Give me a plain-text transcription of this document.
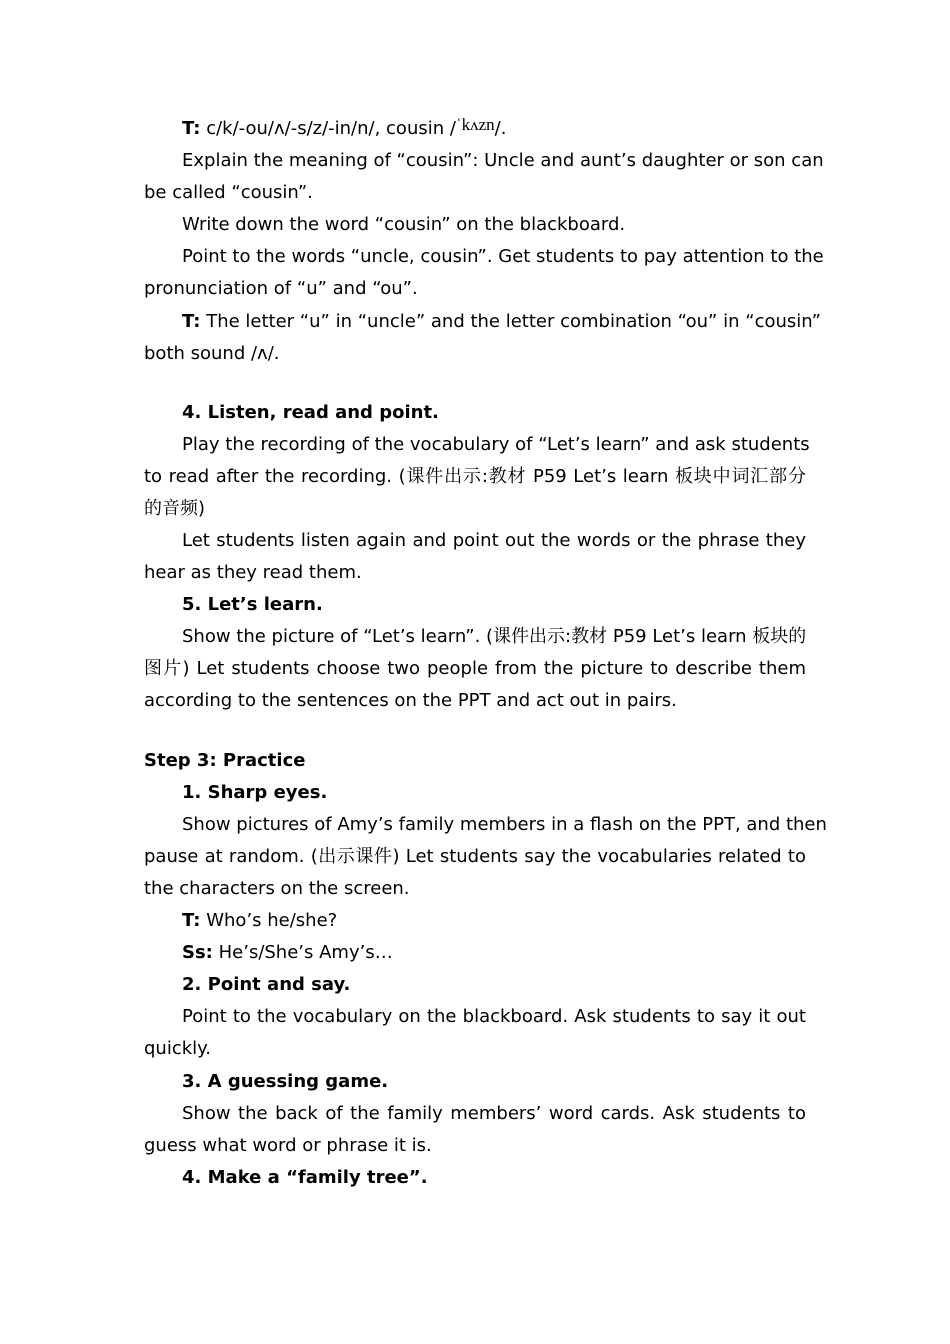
T: c/k/-ou/ʌ/-s/z/-in/n/, cousin /ˈkʌzn/.
Explain the meaning of “cousin”: Uncle and aunt’s daughter or son can
be called “cousin”.
Write down the word “cousin” on the blackboard.
Point to the words “uncle, cousin”. Get students to pay attention to the
pronunciation of “u” and “ou”.
T: The letter “u” in “uncle” and the letter combination “ou” in “cousin”
both sound /ʌ/.
4. Listen, read and point.
Play the recording of the vocabulary of “Let’s learn” and ask students
to read after the recording. (课件出示:教材 P59 Let’s learn 板块中词汇部分
的音频)
Let students listen again and point out the words or the phrase they
hear as they read them.
5. Let’s learn.
Show the picture of “Let’s learn”. (课件出示:教材 P59 Let’s learn 板块的
图片) Let students choose two people from the picture to describe them
according to the sentences on the PPT and act out in pairs.
Step 3: Practice
1. Sharp eyes.
Show pictures of Amy’s family members in a flash on the PPT, and then
pause at random. (出示课件) Let students say the vocabularies related to
the characters on the screen.
T: Who’s he/she?
Ss: He’s/She’s Amy’s…
2. Point and say.
Point to the vocabulary on the blackboard. Ask students to say it out
quickly.
3. A guessing game.
Show the back of the family members’ word cards. Ask students to
guess what word or phrase it is.
4. Make a “family tree”.
